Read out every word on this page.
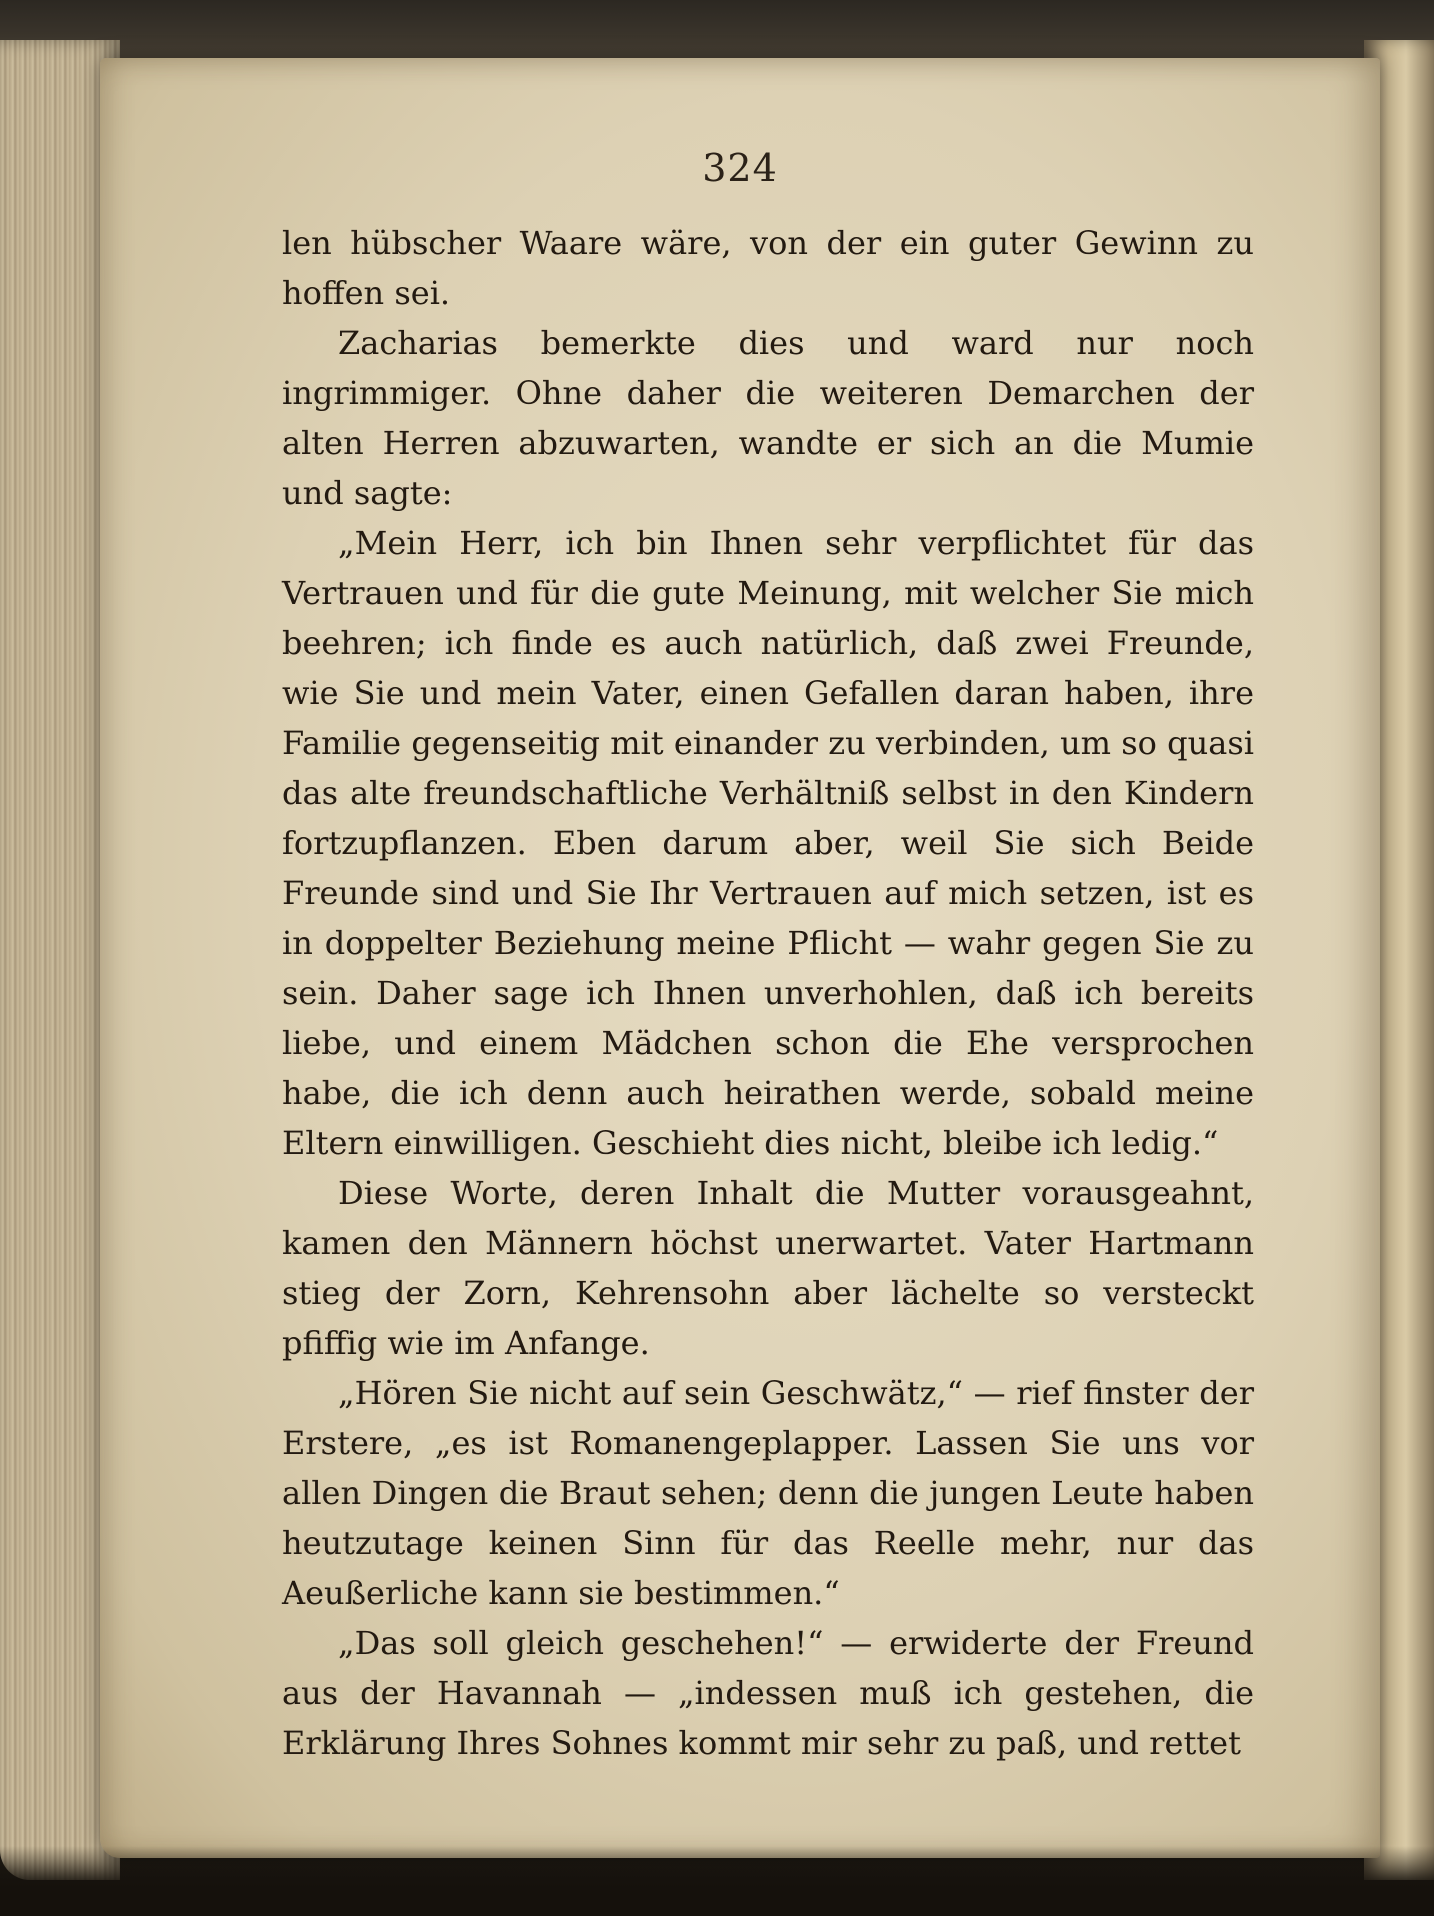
324

len hübscher Waare wäre, von der ein guter Gewinn zu hoffen sei.

Zacharias bemerkte dies und ward nur noch ingrimmiger. Ohne daher die weiteren Demarchen der alten Herren abzuwarten, wandte er sich an die Mumie und sagte:

„Mein Herr, ich bin Ihnen sehr verpflichtet für das Vertrauen und für die gute Meinung, mit welcher Sie mich beehren; ich finde es auch natürlich, daß zwei Freunde, wie Sie und mein Vater, einen Gefallen daran haben, ihre Familie gegenseitig mit einander zu verbinden, um so quasi das alte freundschaftliche Verhältniß selbst in den Kindern fortzupflanzen. Eben darum aber, weil Sie sich Beide Freunde sind und Sie Ihr Vertrauen auf mich setzen, ist es in doppelter Beziehung meine Pflicht — wahr gegen Sie zu sein. Daher sage ich Ihnen unverhohlen, daß ich bereits liebe, und einem Mädchen schon die Ehe versprochen habe, die ich denn auch heirathen werde, sobald meine Eltern einwilligen. Geschieht dies nicht, bleibe ich ledig.“

Diese Worte, deren Inhalt die Mutter vorausgeahnt, kamen den Männern höchst unerwartet. Vater Hartmann stieg der Zorn, Kehrensohn aber lächelte so versteckt pfiffig wie im Anfange.

„Hören Sie nicht auf sein Geschwätz,“ — rief finster der Erstere, „es ist Romanengeplapper. Lassen Sie uns vor allen Dingen die Braut sehen; denn die jungen Leute haben heutzutage keinen Sinn für das Reelle mehr, nur das Aeußerliche kann sie bestimmen.“

„Das soll gleich geschehen!“ — erwiderte der Freund aus der Havannah — „indessen muß ich gestehen, die Erklärung Ihres Sohnes kommt mir sehr zu paß, und rettet
